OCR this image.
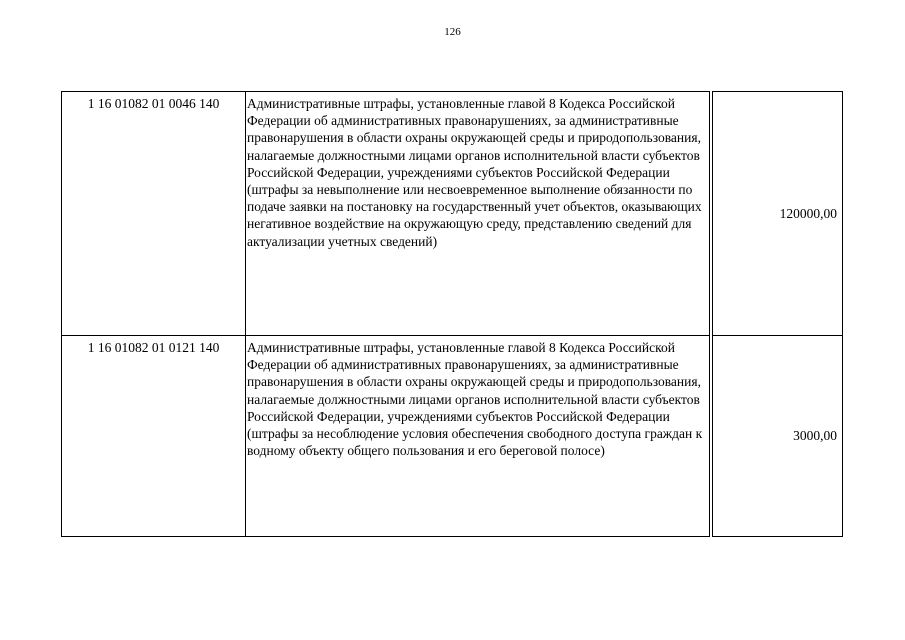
126
1 16 01082 01 0046 140	Административные штрафы, установленные главой 8 Кодекса Российской Федерации об административных правонарушениях, за административные правонарушения в области охраны окружающей среды и природопользования, налагаемые должностными лицами органов исполнительной власти субъектов Российской Федерации, учреждениями субъектов Российской Федерации (штрафы за невыполнение или несвоевременное выполнение обязанности по подаче заявки на постановку на государственный учет объектов, оказывающих негативное воздействие на окружающую среду, представлению сведений для актуализации учетных сведений)	120000,00
1 16 01082 01 0121 140	Административные штрафы, установленные главой 8 Кодекса Российской Федерации об административных правонарушениях, за административные правонарушения в области охраны окружающей среды и природопользования, налагаемые должностными лицами органов исполнительной власти субъектов Российской Федерации, учреждениями субъектов Российской Федерации (штрафы за несоблюдение условия обеспечения свободного доступа граждан к водному объекту общего пользования и его береговой полосе)	3000,00
